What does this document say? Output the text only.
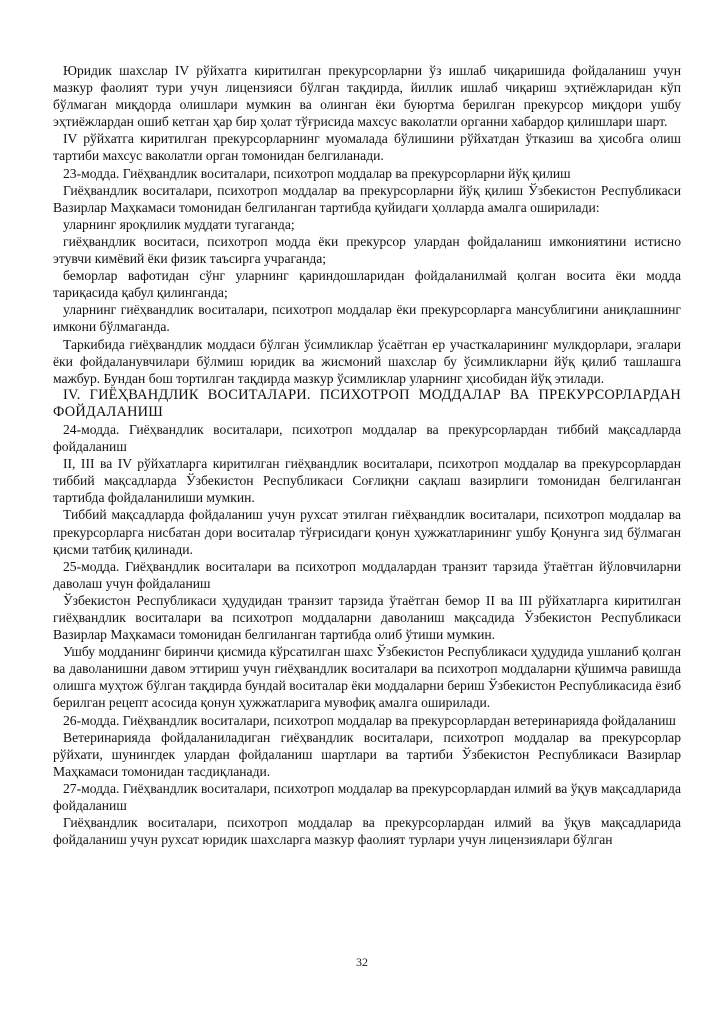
Юридик шахслар IV рўйхатга киритилган прекурсорларни ўз ишлаб чиқаришида фойдаланиш учун мазкур фаолият тури учун лицензияси бўлган тақдирда, йиллик ишлаб чиқариш эҳтиёжларидан кўп бўлмаган миқдорда олишлари мумкин ва олинган ёки буюртма берилган прекурсор миқдори ушбу эҳтиёжлардан ошиб кетган ҳар бир ҳолат тўғрисида махсус ваколатли органни хабардор қилишлари шарт.

IV рўйхатга киритилган прекурсорларнинг муомалада бўлишини рўйхатдан ўтказиш ва ҳисобга олиш тартиби махсус ваколатли орган томонидан белгиланади.

23-модда. Гиёҳвандлик воситалари, психотроп моддалар ва прекурсорларни йўқ қилиш

Гиёҳвандлик воситалари, психотроп моддалар ва прекурсорларни йўқ қилиш Ўзбекистон Республикаси Вазирлар Маҳкамаси томонидан белгиланган тартибда қуйидаги ҳолларда амалга оширилади:

уларнинг яроқлилик муддати тугаганда;

гиёҳвандлик воситаси, психотроп модда ёки прекурсор улардан фойдаланиш имкониятини истисно этувчи кимёвий ёки физик таъсирга учраганда;

беморлар вафотидан сўнг уларнинг қариндошларидан фойдаланилмай қолган восита ёки модда тариқасида қабул қилинганда;

уларнинг гиёҳвандлик воситалари, психотроп моддалар ёки прекурсорларга мансублигини аниқлашнинг имкони бўлмаганда.

Таркибида гиёҳвандлик моддаси бўлган ўсимликлар ўсаётган ер участкаларининг мулкдорлари, эгалари ёки фойдаланувчилари бўлмиш юридик ва жисмоний шахслар бу ўсимликларни йўқ қилиб ташлашга мажбур. Бундан бош тортилган тақдирда мазкур ўсимликлар уларнинг ҳисобидан йўқ этилади.

IV. ГИЁҲВАНДЛИК ВОСИТАЛАРИ. ПСИХОТРОП МОДДАЛАР ВА ПРЕКУРСОРЛАРДАН ФОЙДАЛАНИШ

24-модда. Гиёҳвандлик воситалари, психотроп моддалар ва прекурсорлардан тиббий мақсадларда фойдаланиш

II, III ва IV рўйхатларга киритилган гиёҳвандлик воситалари, психотроп моддалар ва прекурсорлардан тиббий мақсадларда Ўзбекистон Республикаси Соғлиқни сақлаш вазирлиги томонидан белгиланган тартибда фойдаланилиши мумкин.

Тиббий мақсадларда фойдаланиш учун рухсат этилган гиёҳвандлик воситалари, психотроп моддалар ва прекурсорларга нисбатан дори воситалар тўғрисидаги қонун ҳужжатларининг ушбу Қонунга зид бўлмаган қисми татбиқ қилинади.

25-модда. Гиёҳвандлик воситалари ва психотроп моддалардан транзит тарзида ўтаётган йўловчиларни даволаш учун фойдаланиш

Ўзбекистон Республикаси ҳудудидан транзит тарзида ўтаётган бемор II ва III рўйхатларга киритилган гиёҳвандлик воситалари ва психотроп моддаларни даволаниш мақсадида Ўзбекистон Республикаси Вазирлар Маҳкамаси томонидан белгиланган тартибда олиб ўтиши мумкин.

Ушбу модданинг биринчи қисмида кўрсатилган шахс Ўзбекистон Республикаси ҳудудида ушланиб қолган ва даволанишни давом эттириш учун гиёҳвандлик воситалари ва психотроп моддаларни қўшимча равишда олишга муҳтож бўлган тақдирда бундай воситалар ёки моддаларни бериш Ўзбекистон Республикасида ёзиб берилган рецепт асосида қонун ҳужжатларига мувофиқ амалга оширилади.

26-модда. Гиёҳвандлик воситалари, психотроп моддалар ва прекурсорлардан ветеринарияда фойдаланиш

Ветеринарияда фойдаланиладиган гиёҳвандлик воситалари, психотроп моддалар ва прекурсорлар рўйхати, шунингдек улардан фойдаланиш шартлари ва тартиби Ўзбекистон Республикаси Вазирлар Маҳкамаси томонидан тасдиқланади.

27-модда. Гиёҳвандлик воситалари, психотроп моддалар ва прекурсорлардан илмий ва ўқув мақсадларида фойдаланиш

Гиёҳвандлик воситалари, психотроп моддалар ва прекурсорлардан илмий ва ўқув мақсадларида фойдаланиш учун рухсат юридик шахсларга мазкур фаолият турлари учун лицензиялари бўлган

32
